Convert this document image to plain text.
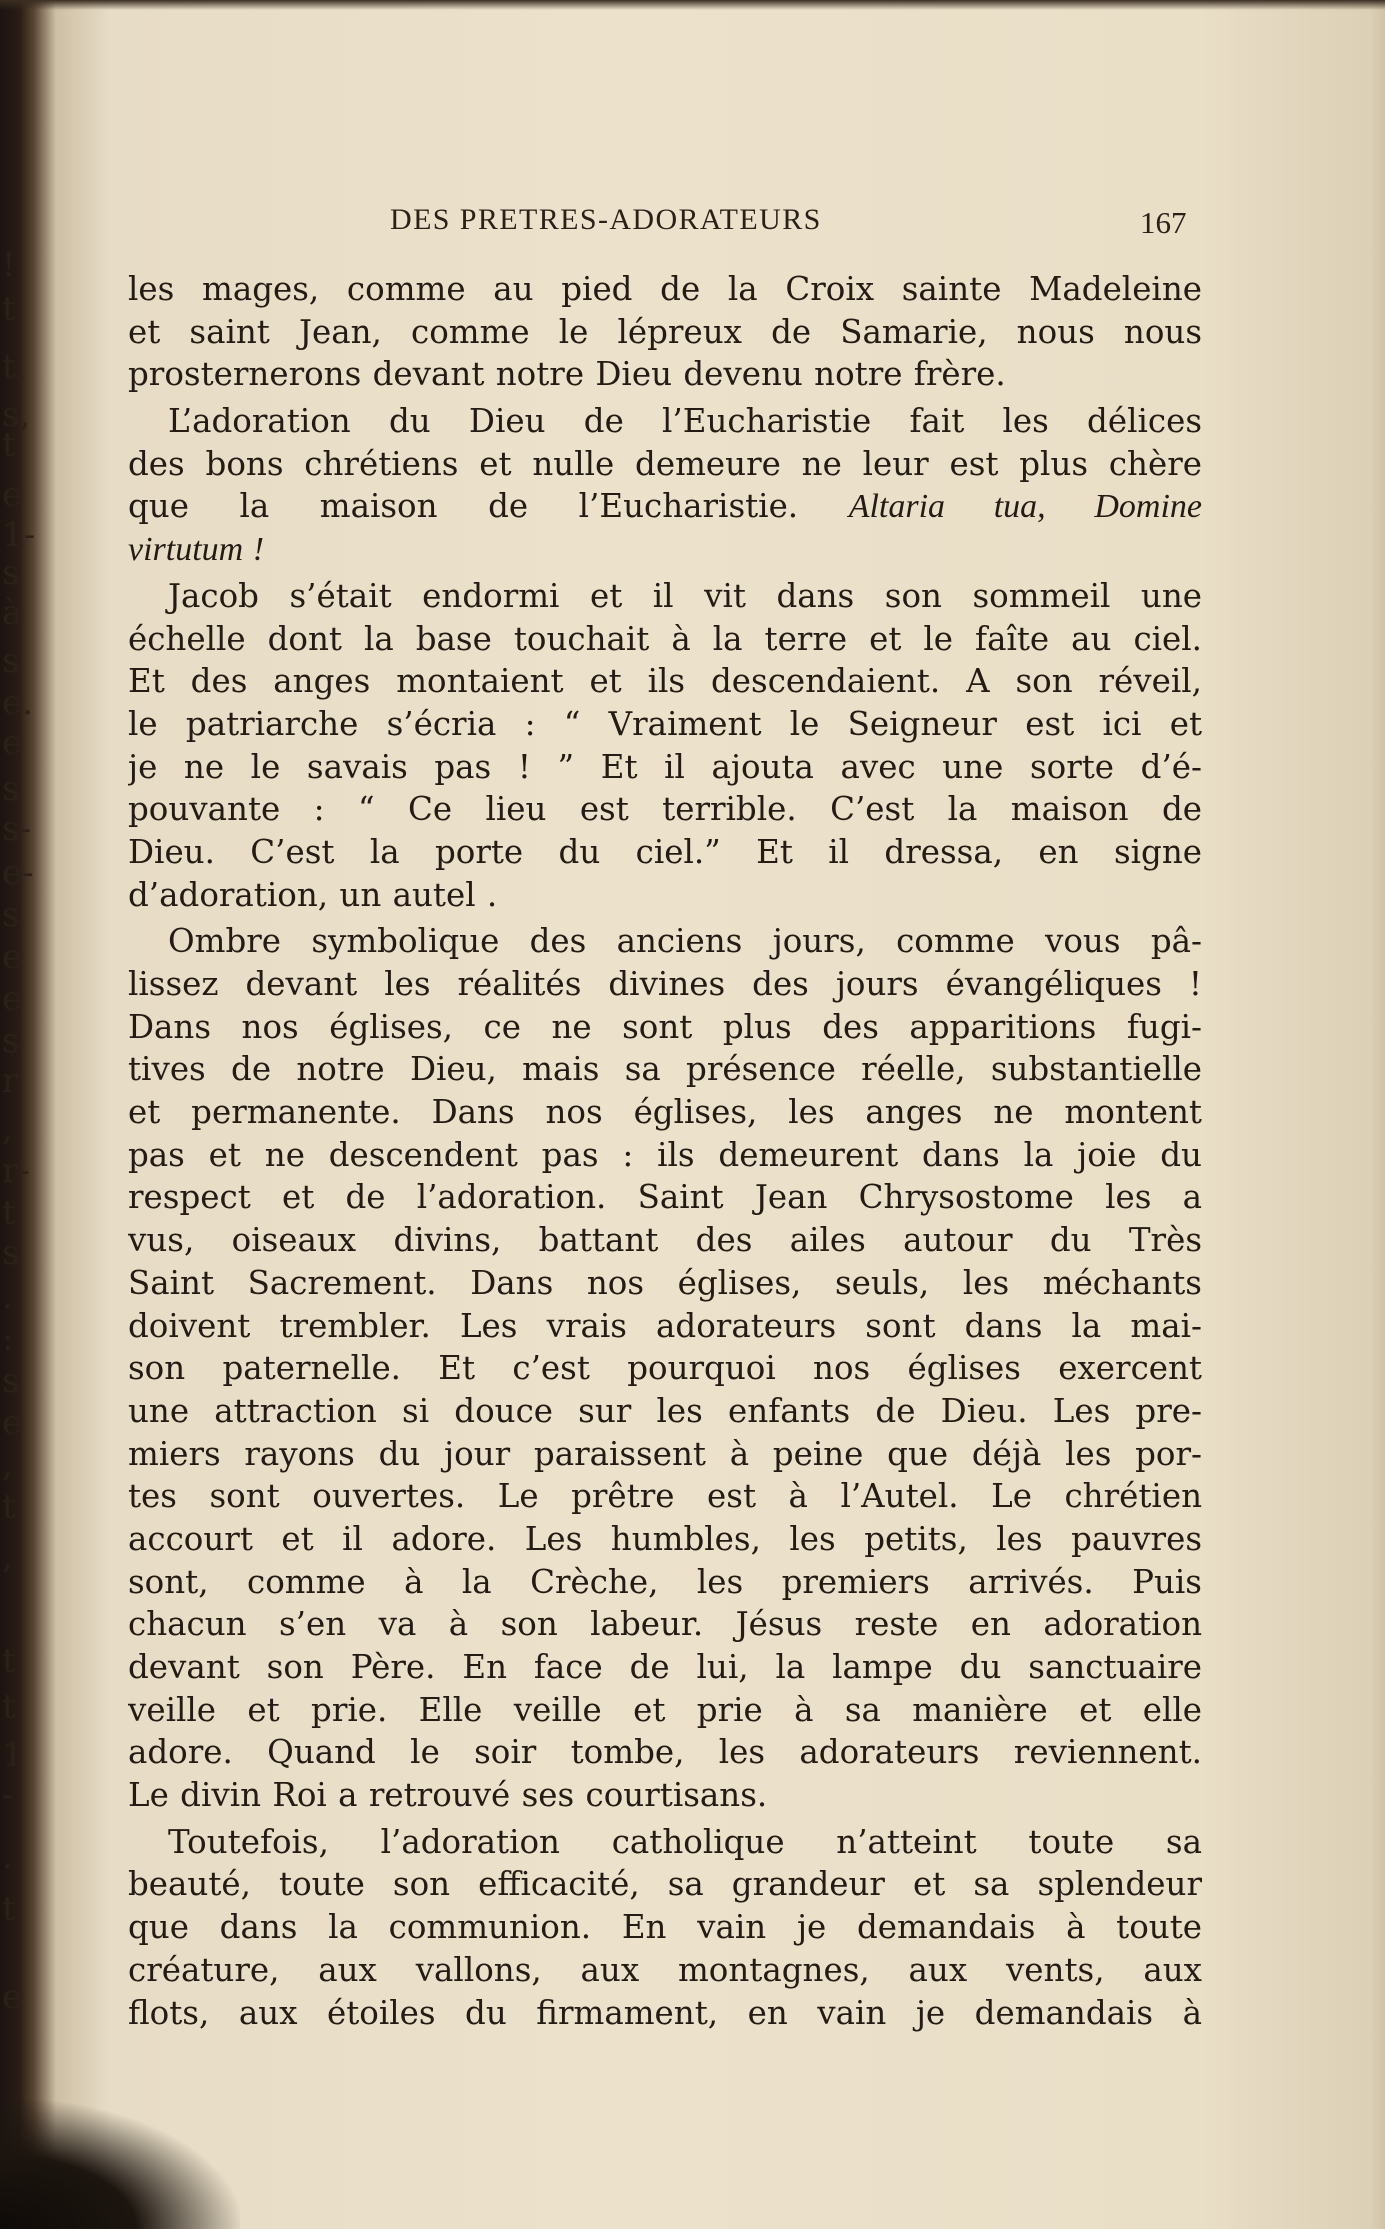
!
t
t.
s,
t
e
1-
s
à
s
e.
e
s
s-
e-
s
e
e
s
r
,
r-
t
s
.
:
s
e
,
t
,
t
t
1
-
.
t
e
DES PRETRES-ADORATEURS	167
les mages, comme au pied de la Croix sainte Madeleine
et saint Jean, comme le lépreux de Samarie, nous nous
prosternerons devant notre Dieu devenu notre frère.
L’adoration du Dieu de l’Eucharistie fait les délices
des bons chrétiens et nulle demeure ne leur est plus chère
que la maison de l’Eucharistie. Altaria tua, Domine
virtutum !
Jacob s’était endormi et il vit dans son sommeil une
échelle dont la base touchait à la terre et le faîte au ciel.
Et des anges montaient et ils descendaient. A son réveil,
le patriarche s’écria : “ Vraiment le Seigneur est ici et
je ne le savais pas ! ” Et il ajouta avec une sorte d’é-
pouvante : “ Ce lieu est terrible. C’est la maison de
Dieu. C’est la porte du ciel.” Et il dressa, en signe
d’adoration, un autel .
Ombre symbolique des anciens jours, comme vous pâ-
lissez devant les réalités divines des jours évangéliques !
Dans nos églises, ce ne sont plus des apparitions fugi-
tives de notre Dieu, mais sa présence réelle, substantielle
et permanente. Dans nos églises, les anges ne montent
pas et ne descendent pas : ils demeurent dans la joie du
respect et de l’adoration. Saint Jean Chrysostome les a
vus, oiseaux divins, battant des ailes autour du Très
Saint Sacrement. Dans nos églises, seuls, les méchants
doivent trembler. Les vrais adorateurs sont dans la mai-
son paternelle. Et c’est pourquoi nos églises exercent
une attraction si douce sur les enfants de Dieu. Les pre-
miers rayons du jour paraissent à peine que déjà les por-
tes sont ouvertes. Le prêtre est à l’Autel. Le chrétien
accourt et il adore. Les humbles, les petits, les pauvres
sont, comme à la Crèche, les premiers arrivés. Puis
chacun s’en va à son labeur. Jésus reste en adoration
devant son Père. En face de lui, la lampe du sanctuaire
veille et prie. Elle veille et prie à sa manière et elle
adore. Quand le soir tombe, les adorateurs reviennent.
Le divin Roi a retrouvé ses courtisans.
Toutefois, l’adoration catholique n’atteint toute sa
beauté, toute son efficacité, sa grandeur et sa splendeur
que dans la communion. En vain je demandais à toute
créature, aux vallons, aux montagnes, aux vents, aux
flots, aux étoiles du firmament, en vain je demandais à
